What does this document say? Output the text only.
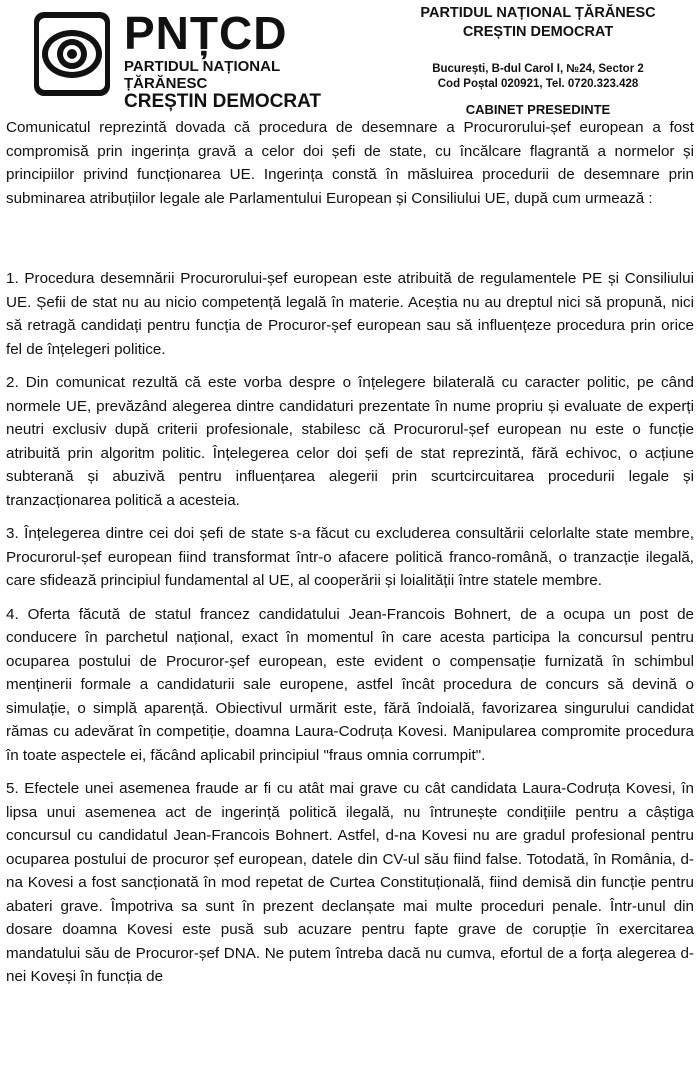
PNȚCD
PARTIDUL NAȚIONAL ȚĂRĂNESC
CREȘTIN DEMOCRAT
PARTIDUL NAȚIONAL ȚĂRĂNESC
CREȘTIN DEMOCRAT
București, B-dul Carol I, №24, Sector 2
Cod Poștal 020921, Tel. 0720.323.428
CABINET PRESEDINTE

Comunicatul reprezintă dovada că procedura de desemnare a Procurorului-șef european a fost compromisă prin ingerința gravă a celor doi șefi de state, cu încălcare flagrantă a normelor și principiilor privind funcționarea UE. Ingerința constă în măsluirea procedurii de desemnare prin subminarea atribuțiilor legale ale Parlamentului European și Consiliului UE, după cum urmează :

1. Procedura desemnării Procurorului-șef european este atribuită de regulamentele PE și Consiliului UE. Șefii de stat nu au nicio competență legală în materie. Aceștia nu au dreptul nici să propună, nici să retragă candidați pentru funcția de Procuror-șef european sau să influențeze procedura prin orice fel de înțelegeri politice.

2. Din comunicat rezultă că este vorba despre o înțelegere bilaterală cu caracter politic, pe când normele UE, prevăzând alegerea dintre candidaturi prezentate în nume propriu și evaluate de experți neutri exclusiv după criterii profesionale, stabilesc că Procurorul-șef european nu este o funcție atribuită prin algoritm politic. Înțelegerea celor doi șefi de stat reprezintă, fără echivoc, o acțiune subterană și abuzivă pentru influențarea alegerii prin scurtcircuitarea procedurii legale și tranzacționarea politică a acesteia.

3. Înțelegerea dintre cei doi șefi de state s-a făcut cu excluderea consultării celorlalte state membre, Procurorul-șef european fiind transformat într-o afacere politică franco-română, o tranzacție ilegală, care sfidează principiul fundamental al UE, al cooperării și loialității între statele membre.

4. Oferta făcută de statul francez candidatului Jean-Francois Bohnert, de a ocupa un post de conducere în parchetul național, exact în momentul în care acesta participa la concursul pentru ocuparea postului de Procuror-șef european, este evident o compensație furnizată în schimbul menținerii formale a candidaturii sale europene, astfel încât procedura de concurs să devină o simulație, o simplă aparență. Obiectivul urmărit este, fără îndoială, favorizarea singurului candidat rămas cu adevărat în competiție, doamna Laura-Codruța Kovesi. Manipularea compromite procedura în toate aspectele ei, făcând aplicabil principiul "fraus omnia corrumpit".

5. Efectele unei asemenea fraude ar fi cu atât mai grave cu cât candidata Laura-Codruța Kovesi, în lipsa unui asemenea act de ingerință politică ilegală, nu întrunește condițiile pentru a câștiga concursul cu candidatul Jean-Francois Bohnert. Astfel, d-na Kovesi nu are gradul profesional pentru ocuparea postului de procuror șef european, datele din CV-ul său fiind false. Totodată, în România, d-na Kovesi a fost sancționată în mod repetat de Curtea Constituțională, fiind demisă din funcție pentru abateri grave. Împotriva sa sunt în prezent declanșate mai multe proceduri penale. Într-unul din dosare doamna Kovesi este pusă sub acuzare pentru fapte grave de corupție în exercitarea mandatului său de Procuror-șef DNA. Ne putem întreba dacă nu cumva, efortul de a forța alegerea d-nei Koveși în funcția de
